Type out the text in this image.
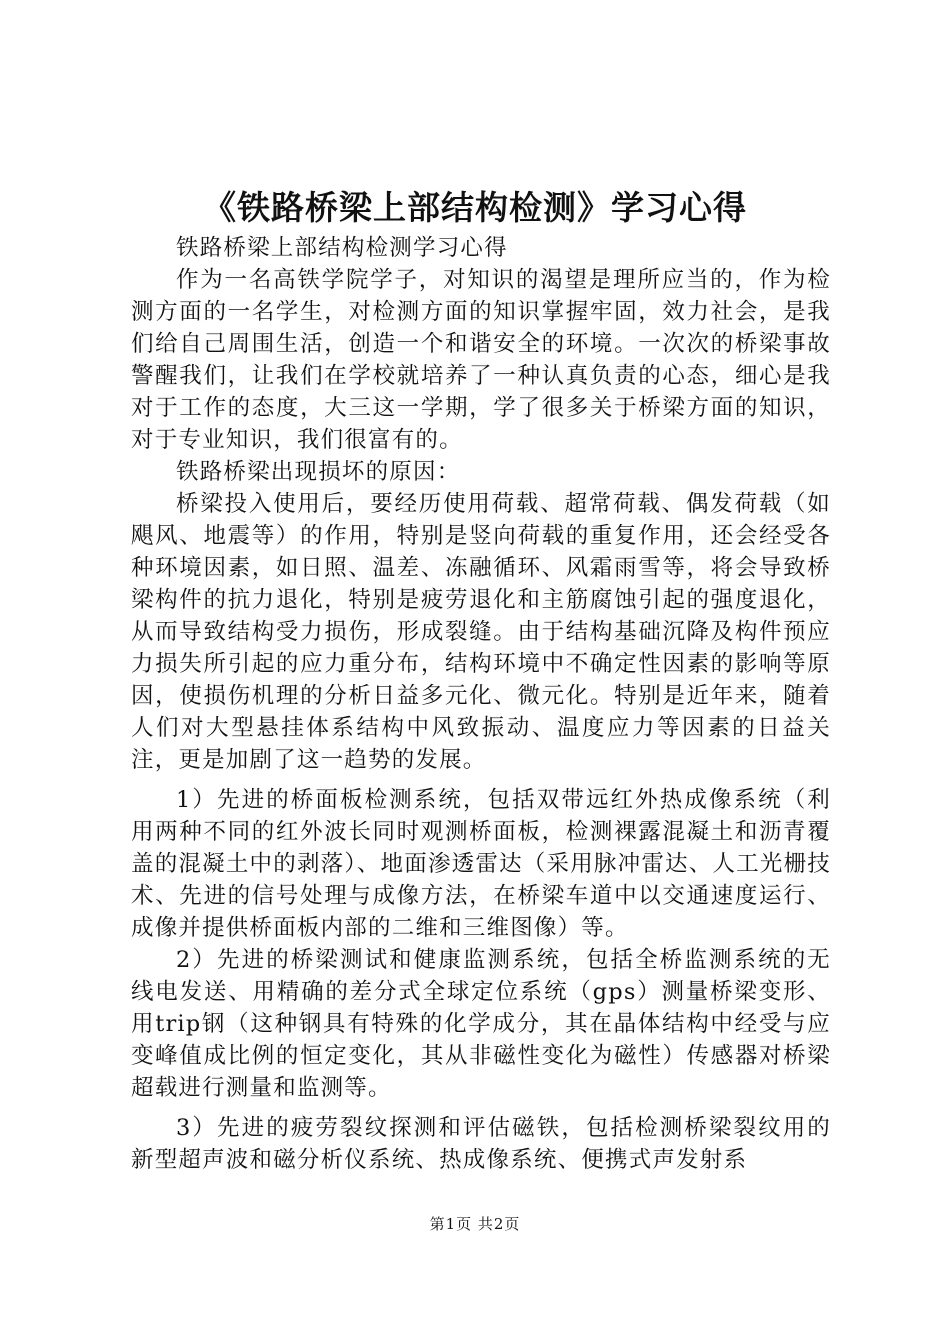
《铁路桥梁上部结构检测》学习心得

铁路桥梁上部结构检测学习心得

作为一名高铁学院学子，对知识的渴望是理所应当的，作为检测方面的一名学生，对检测方面的知识掌握牢固，效力社会，是我们给自己周围生活，创造一个和谐安全的环境。一次次的桥梁事故警醒我们，让我们在学校就培养了一种认真负责的心态，细心是我对于工作的态度，大三这一学期，学了很多关于桥梁方面的知识，对于专业知识，我们很富有的。

铁路桥梁出现损坏的原因：

桥梁投入使用后，要经历使用荷载、超常荷载、偶发荷载（如飓风、地震等）的作用，特别是竖向荷载的重复作用，还会经受各种环境因素，如日照、温差、冻融循环、风霜雨雪等，将会导致桥梁构件的抗力退化，特别是疲劳退化和主筋腐蚀引起的强度退化，从而导致结构受力损伤，形成裂缝。由于结构基础沉降及构件预应力损失所引起的应力重分布，结构环境中不确定性因素的影响等原因，使损伤机理的分析日益多元化、微元化。特别是近年来，随着人们对大型悬挂体系结构中风致振动、温度应力等因素的日益关注，更是加剧了这一趋势的发展。

1）先进的桥面板检测系统，包括双带远红外热成像系统（利用两种不同的红外波长同时观测桥面板，检测裸露混凝土和沥青覆盖的混凝土中的剥落）、地面渗透雷达（采用脉冲雷达、人工光栅技术、先进的信号处理与成像方法，在桥梁车道中以交通速度运行、成像并提供桥面板内部的二维和三维图像）等。

2）先进的桥梁测试和健康监测系统，包括全桥监测系统的无线电发送、用精确的差分式全球定位系统（gps）测量桥梁变形、用trip钢（这种钢具有特殊的化学成分，其在晶体结构中经受与应变峰值成比例的恒定变化，其从非磁性变化为磁性）传感器对桥梁超载进行测量和监测等。

3）先进的疲劳裂纹探测和评估磁铁，包括检测桥梁裂纹用的新型超声波和磁分析仪系统、热成像系统、便携式声发射系

第1页 共2页
